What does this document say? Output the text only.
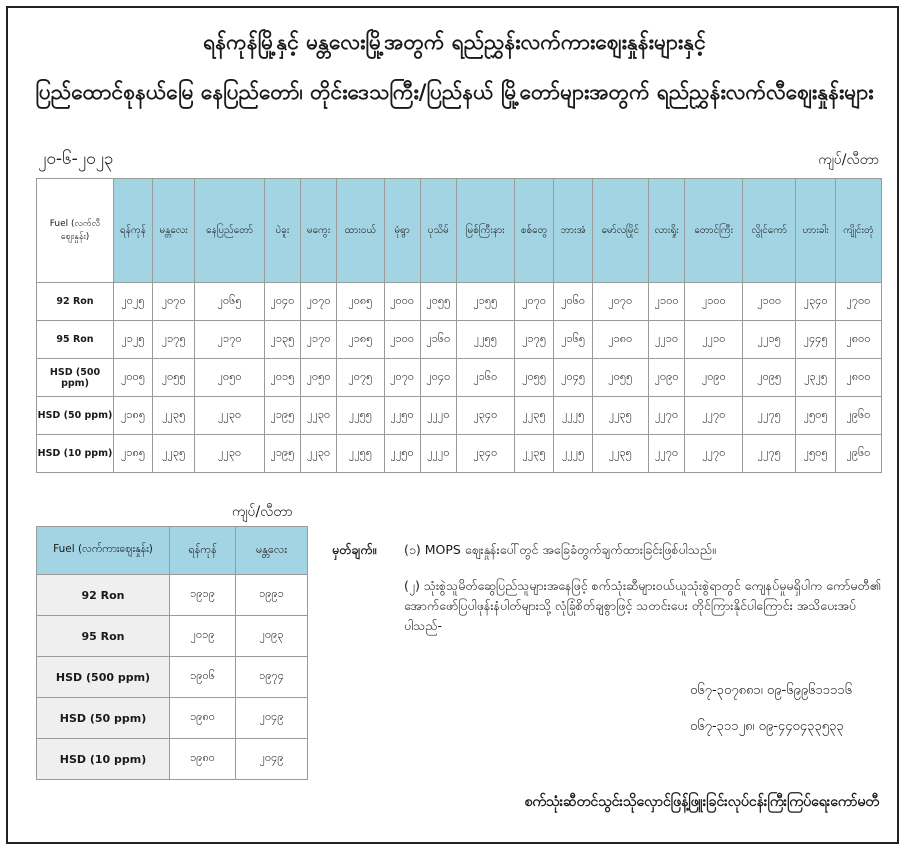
ရန်ကုန်မြို့နှင့် မန္တလေးမြို့အတွက် ရည်ညွှန်းလက်ကားဈေးနှုန်းများနှင့်
ပြည်ထောင်စုနယ်မြေ နေပြည်တော်၊ တိုင်းဒေသကြီး/ပြည်နယ် မြို့တော်များအတွက် ရည်ညွှန်းလက်လီဈေးနှုန်းများ
၂၀-၆-၂၀၂၃	ကျပ်/လီတာ
Fuel (လက်လီဈေးနှုန်း)	ရန်ကုန်	မန္တလေး	နေပြည်တော်	ပဲခူး	မကွေး	ထားဝယ်	မုံရွာ	ပုသိမ်	မြစ်ကြီးနား	စစ်တွေ	ဘားအံ	မော်လမြိုင်	လားရှိုး	တောင်ကြီး	လွိုင်ကော်	ဟားခါး	ကျိုင်းတုံ
92 Ron	၂၀၂၅	၂၀၇၀	၂၀၆၅	၂၀၄၀	၂၀၇၀	၂၀၈၅	၂၀၀၀	၂၀၅၅	၂၁၅၅	၂၀၇၀	၂၀၆၀	၂၀၇၀	၂၁၀၀	၂၁၀၀	၂၁၀၀	၂၃၄၀	၂၇၀၀
95 Ron	၂၁၂၅	၂၁၇၅	၂၁၇၀	၂၁၃၅	၂၁၇၀	၂၁၈၅	၂၁၀၀	၂၁၆၀	၂၂၅၅	၂၁၇၅	၂၁၆၅	၂၁၈၀	၂၂၁၀	၂၂၁၀	၂၂၁၅	၂၄၄၅	၂၈၀၀
HSD (500 ppm)	၂၀၀၅	၂၀၅၅	၂၀၅၀	၂၀၁၅	၂၀၅၀	၂၀၇၅	၂၀၇၀	၂၀၄၀	၂၁၆၀	၂၀၅၅	၂၀၄၅	၂၀၅၅	၂၀၉၀	၂၀၉၀	၂၀၉၅	၂၃၂၅	၂၈၀၀
HSD (50 ppm)	၂၁၈၅	၂၂၃၅	၂၂၃၀	၂၁၉၅	၂၂၃၀	၂၂၅၅	၂၂၅၀	၂၂၂၀	၂၃၄၀	၂၂၃၅	၂၂၂၅	၂၂၃၅	၂၂၇၀	၂၂၇၀	၂၂၇၅	၂၅၀၅	၂၉၆၀
HSD (10 ppm)	၂၁၈၅	၂၂၃၅	၂၂၃၀	၂၁၉၅	၂၂၃၀	၂၂၅၅	၂၂၅၀	၂၂၂၀	၂၃၄၀	၂၂၃၅	၂၂၂၅	၂၂၃၅	၂၂၇၀	၂၂၇၀	၂၂၇၅	၂၅၀၅	၂၉၆၀
ကျပ်/လီတာ
Fuel (လက်ကားဈေးနှုန်း)	ရန်ကုန်	မန္တလေး
92 Ron	၁၉၁၉	၁၉၉၁
95 Ron	၂၀၁၉	၂၀၉၃
HSD (500 ppm)	၁၉၀၆	၁၉၇၄
HSD (50 ppm)	၁၉၈၀	၂၀၄၉
HSD (10 ppm)	၁၉၈၀	၂၀၄၉
မှတ်ချက်။ (၁) MOPS ဈေးနှုန်းပေါ်တွင် အခြေခံတွက်ချက်ထားခြင်းဖြစ်ပါသည်။
(၂) သုံးစွဲသူမိတ်ဆွေပြည်သူများအနေဖြင့် စက်သုံးဆီများဝယ်ယူသုံးစွဲရာတွင် ကျေနပ်မှုမရှိပါက ကော်မတီ၏ အောက်ဖော်ပြပါဖုန်းနံပါတ်များသို့ လုံခြုံစိတ်ချစွာဖြင့် သတင်းပေး တိုင်ကြားနိုင်ပါကြောင်း အသိပေးအပ်ပါသည်-
၀၆၇-၃၀၇၈၈၁၊ ၀၉-၆၉၉၆၁၁၁၁၆
၀၆၇-၃၁၁၂၈၊ ၀၉-၄၄၀၄၃၃၅၃၃
စက်သုံးဆီတင်သွင်းသိုလှောင်ဖြန့်ဖြူးခြင်းလုပ်ငန်းကြီးကြပ်ရေးကော်မတီ
